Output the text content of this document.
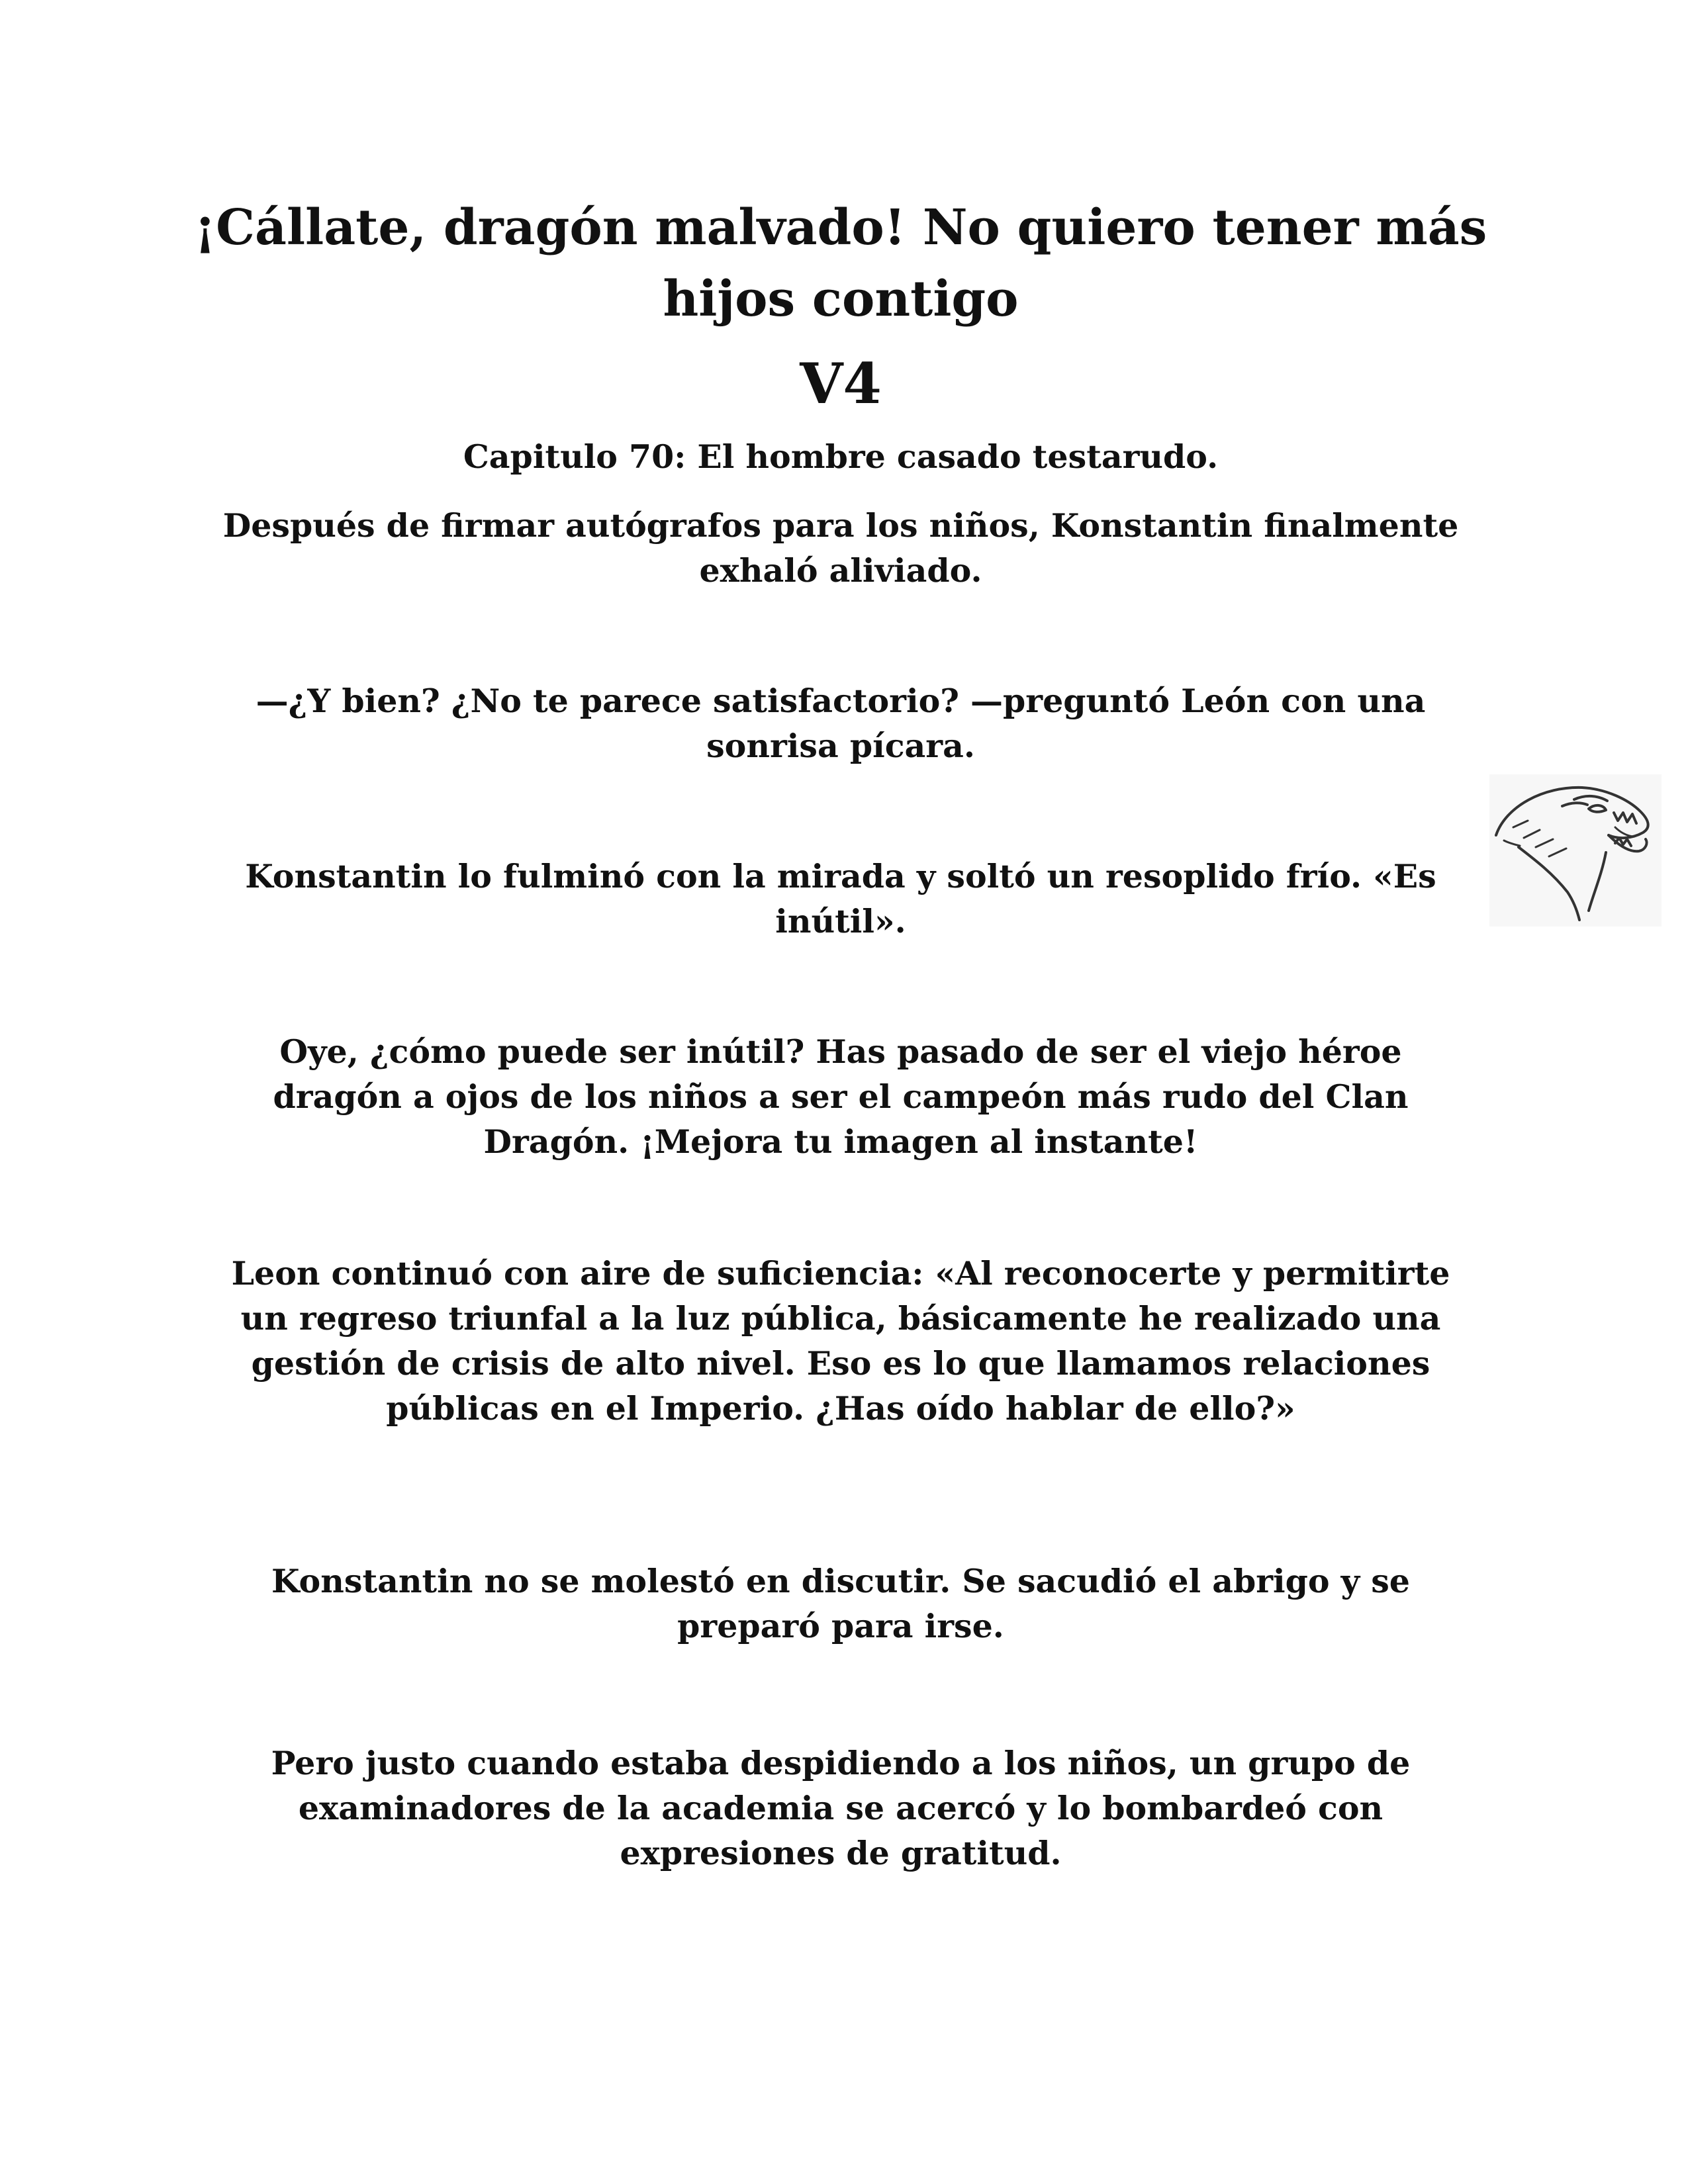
¡Cállate, dragón malvado! No quiero tener más hijos contigo
V4
Capitulo 70: El hombre casado testarudo.

Después de firmar autógrafos para los niños, Konstantin finalmente exhaló aliviado.

—¿Y bien? ¿No te parece satisfactorio? —preguntó León con una sonrisa pícara.

Konstantin lo fulminó con la mirada y soltó un resoplido frío. «Es inútil».

Oye, ¿cómo puede ser inútil? Has pasado de ser el viejo héroe dragón a ojos de los niños a ser el campeón más rudo del Clan Dragón. ¡Mejora tu imagen al instante!

Leon continuó con aire de suficiencia: «Al reconocerte y permitirte un regreso triunfal a la luz pública, básicamente he realizado una gestión de crisis de alto nivel. Eso es lo que llamamos relaciones públicas en el Imperio. ¿Has oído hablar de ello?»

Konstantin no se molestó en discutir. Se sacudió el abrigo y se preparó para irse.

Pero justo cuando estaba despidiendo a los niños, un grupo de examinadores de la academia se acercó y lo bombardeó con expresiones de gratitud.
